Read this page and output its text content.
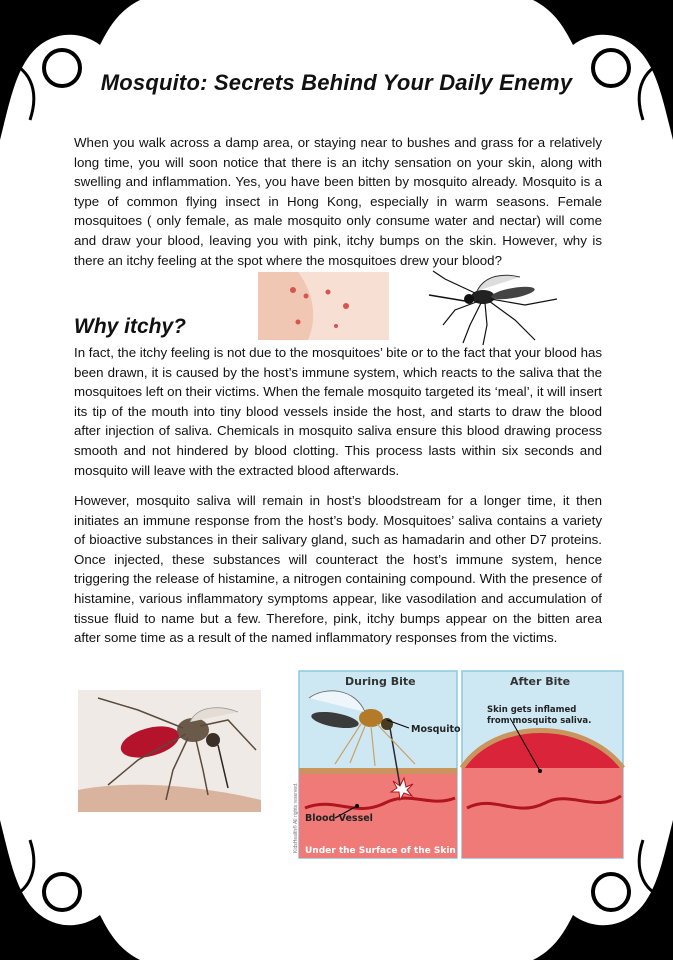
Mosquito: Secrets Behind Your Daily Enemy

When you walk across a damp area, or staying near to bushes and grass for a relatively long time, you will soon notice that there is an itchy sensation on your skin, along with swelling and inflammation. Yes, you have been bitten by mosquito already. Mosquito is a type of common flying insect in Hong Kong, especially in warm seasons. Female mosquitoes ( only female, as male mosquito only consume water and nectar) will come and draw your blood, leaving you with pink, itchy bumps on the skin. However, why is there an itchy feeling at the spot where the mosquitoes drew your blood?

Why itchy?

In fact, the itchy feeling is not due to the mosquitoes’ bite or to the fact that your blood has been drawn, it is caused by the host’s immune system, which reacts to the saliva that the mosquitoes left on their victims. When the female mosquito targeted its ‘meal’, it will insert its tip of the mouth into tiny blood vessels inside the host, and starts to draw the blood after injection of saliva. Chemicals in mosquito saliva ensure this blood drawing process smooth and not hindered by blood clotting. This process lasts within six seconds and mosquito will leave with the extracted blood afterwards.

However, mosquito saliva will remain in host’s bloodstream for a longer time, it then initiates an immune response from the host’s body. Mosquitoes’ saliva contains a variety of bioactive substances in their salivary gland, such as hamadarin and other D7 proteins. Once injected, these substances will counteract the host’s immune system, hence triggering the release of histamine, a nitrogen containing compound. With the presence of histamine, various inflammatory symptoms appear, like vasodilation and accumulation of tissue fluid to name but a few. Therefore, pink, itchy bumps appear on the bitten area after some time as a result of the named inflammatory responses from the victims.

During Bite	After Bite
Mosquito
Blood Vessel
Skin gets inflamed
from mosquito saliva.
Under the Surface of the Skin
KidsHealth® All rights reserved.
